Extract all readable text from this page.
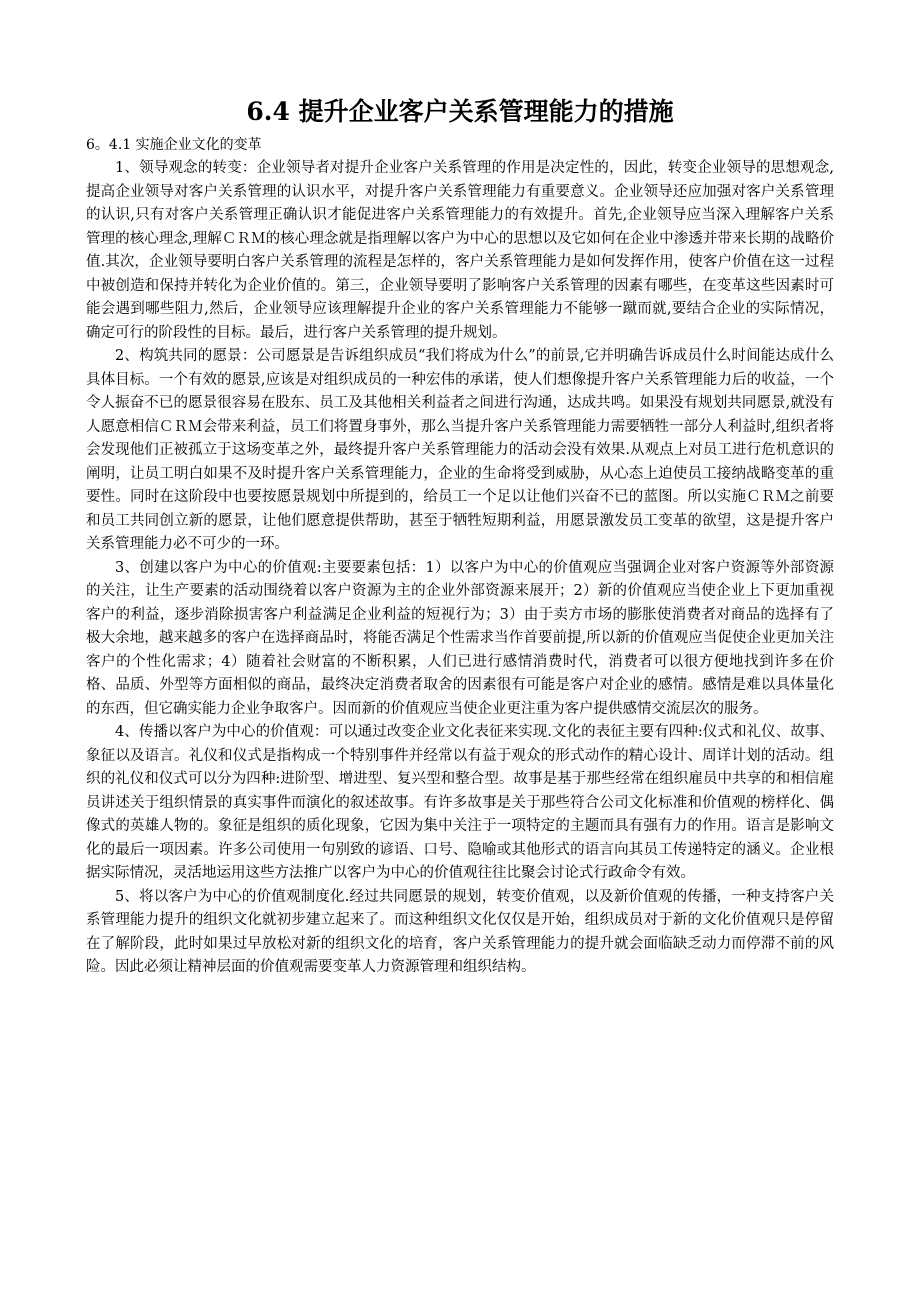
6.4 提升企业客户关系管理能力的措施

6。4.1 实施企业文化的变革

1、领导观念的转变：企业领导者对提升企业客户关系管理的作用是决定性的，因此，转变企业领导的思想观念,提高企业领导对客户关系管理的认识水平，对提升客户关系管理能力有重要意义。企业领导还应加强对客户关系管理的认识,只有对客户关系管理正确认识才能促进客户关系管理能力的有效提升。首先,企业领导应当深入理解客户关系管理的核心理念,理解ＣＲＭ的核心理念就是指理解以客户为中心的思想以及它如何在企业中渗透并带来长期的战略价值.其次，企业领导要明白客户关系管理的流程是怎样的，客户关系管理能力是如何发挥作用，使客户价值在这一过程中被创造和保持并转化为企业价值的。第三，企业领导要明了影响客户关系管理的因素有哪些，在变革这些因素时可能会遇到哪些阻力,然后，企业领导应该理解提升企业的客户关系管理能力不能够一蹴而就,要结合企业的实际情况，确定可行的阶段性的目标。最后，进行客户关系管理的提升规划。

2、构筑共同的愿景：公司愿景是告诉组织成员“我们将成为什么”的前景,它并明确告诉成员什么时间能达成什么具体目标。一个有效的愿景,应该是对组织成员的一种宏伟的承诺，使人们想像提升客户关系管理能力后的收益，一个令人振奋不已的愿景很容易在股东、员工及其他相关利益者之间进行沟通，达成共鸣。如果没有规划共同愿景,就没有人愿意相信ＣＲＭ会带来利益，员工们将置身事外，那么当提升客户关系管理能力需要牺牲一部分人利益时,组织者将会发现他们正被孤立于这场变革之外，最终提升客户关系管理能力的活动会没有效果.从观点上对员工进行危机意识的阐明，让员工明白如果不及时提升客户关系管理能力，企业的生命将受到威胁，从心态上迫使员工接纳战略变革的重要性。同时在这阶段中也要按愿景规划中所提到的，给员工一个足以让他们兴奋不已的蓝图。所以实施ＣＲＭ之前要和员工共同创立新的愿景，让他们愿意提供帮助，甚至于牺牲短期利益，用愿景激发员工变革的欲望，这是提升客户关系管理能力必不可少的一环。

3、创建以客户为中心的价值观:主要要素包括：1）以客户为中心的价值观应当强调企业对客户资源等外部资源的关注，让生产要素的活动围绕着以客户资源为主的企业外部资源来展开；2）新的价值观应当使企业上下更加重视客户的利益，逐步消除损害客户利益满足企业利益的短视行为；3）由于卖方市场的膨胀使消费者对商品的选择有了极大余地，越来越多的客户在选择商品时，将能否满足个性需求当作首要前提,所以新的价值观应当促使企业更加关注客户的个性化需求；4）随着社会财富的不断积累，人们已进行感情消费时代，消费者可以很方便地找到许多在价格、品质、外型等方面相似的商品，最终决定消费者取舍的因素很有可能是客户对企业的感情。感情是难以具体量化的东西，但它确实能力企业争取客户。因而新的价值观应当使企业更注重为客户提供感情交流层次的服务。

4、传播以客户为中心的价值观：可以通过改变企业文化表征来实现.文化的表征主要有四种:仪式和礼仪、故事、象征以及语言。礼仪和仪式是指构成一个特别事件并经常以有益于观众的形式动作的精心设计、周详计划的活动。组织的礼仪和仪式可以分为四种:进阶型、增进型、复兴型和整合型。故事是基于那些经常在组织雇员中共享的和相信雇员讲述关于组织情景的真实事件而演化的叙述故事。有许多故事是关于那些符合公司文化标准和价值观的榜样化、偶像式的英雄人物的。象征是组织的质化现象，它因为集中关注于一项特定的主题而具有强有力的作用。语言是影响文化的最后一项因素。许多公司使用一句别致的谚语、口号、隐喻或其他形式的语言向其员工传递特定的涵义。企业根据实际情况，灵活地运用这些方法推广以客户为中心的价值观往往比聚会讨论式行政命令有效。

5、将以客户为中心的价值观制度化.经过共同愿景的规划，转变价值观，以及新价值观的传播，一种支持客户关系管理能力提升的组织文化就初步建立起来了。而这种组织文化仅仅是开始，组织成员对于新的文化价值观只是停留在了解阶段，此时如果过早放松对新的组织文化的培育，客户关系管理能力的提升就会面临缺乏动力而停滞不前的风险。因此必须让精神层面的价值观需要变革人力资源管理和组织结构。
